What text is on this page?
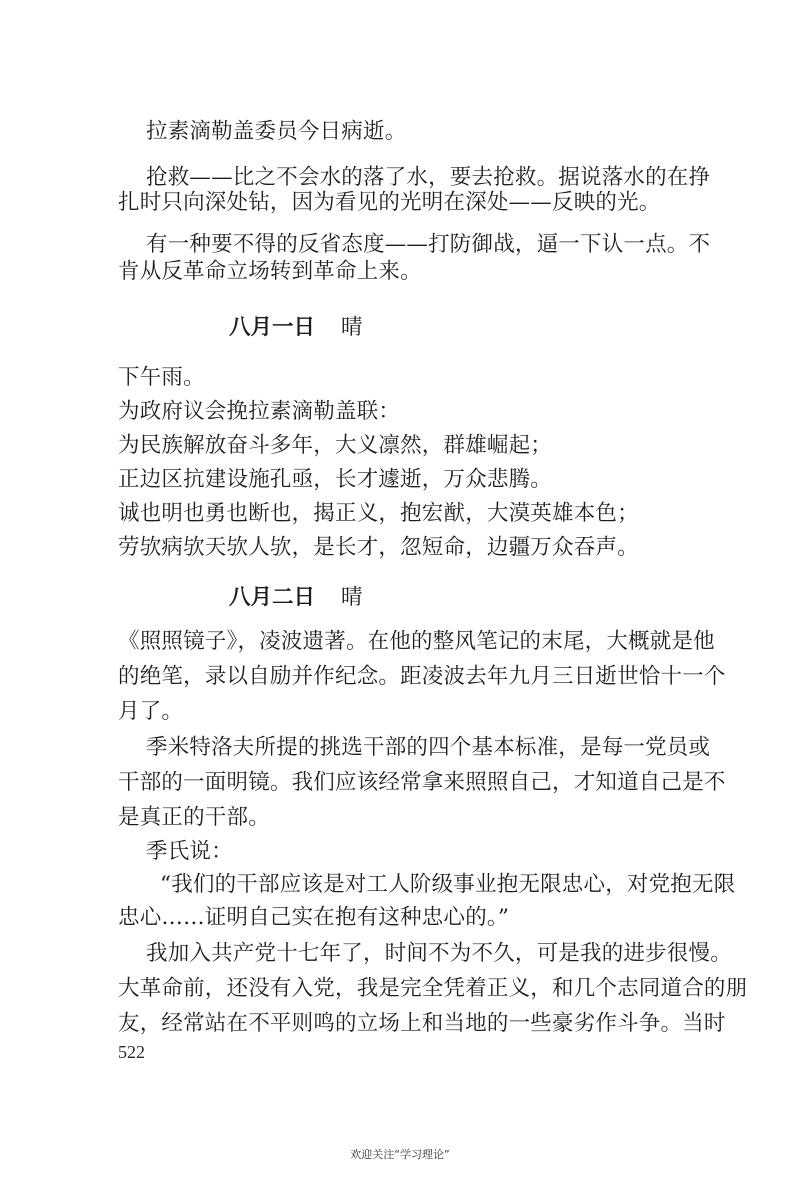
拉素滴勒盖委员今日病逝。
抢救——比之不会水的落了水，要去抢救。据说落水的在挣
扎时只向深处钻，因为看见的光明在深处——反映的光。
有一种要不得的反省态度——打防御战，逼一下认一点。不
肯从反革命立场转到革命上来。
八月一日 晴
下午雨。
为政府议会挽拉素滴勒盖联：
为民族解放奋斗多年，大义凛然，群雄崛起；
正边区抗建设施孔亟，长才遽逝，万众悲腾。
诚也明也勇也断也，揭正义，抱宏猷，大漠英雄本色；
劳欤病欤天欤人欤，是长才，忽短命，边疆万众吞声。
八月二日 晴
《照照镜子》，凌波遗著。在他的整风笔记的末尾，大概就是他
的绝笔，录以自励并作纪念。距凌波去年九月三日逝世恰十一个
月了。
季米特洛夫所提的挑选干部的四个基本标准，是每一党员或
干部的一面明镜。我们应该经常拿来照照自己，才知道自己是不
是真正的干部。
季氏说：
“我们的干部应该是对工人阶级事业抱无限忠心，对党抱无限
忠心……证明自己实在抱有这种忠心的。”
我加入共产党十七年了，时间不为不久，可是我的进步很慢。
大革命前，还没有入党，我是完全凭着正义，和几个志同道合的朋
友，经常站在不平则鸣的立场上和当地的一些豪劣作斗争。当时
522
欢迎关注“学习理论”
